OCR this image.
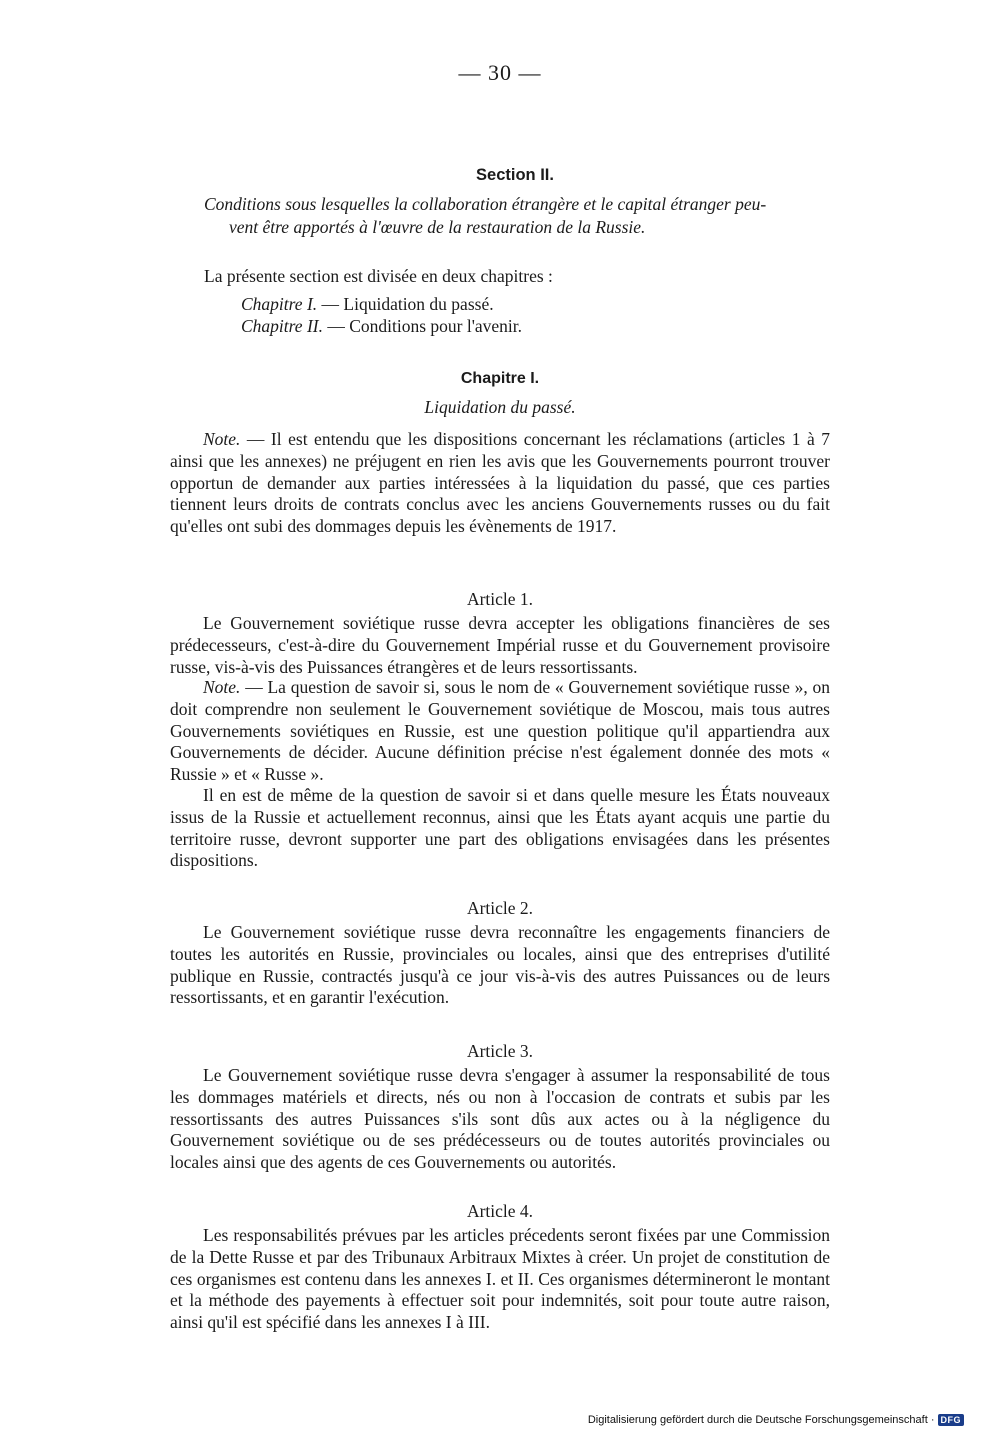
— 30 —
Section II.
Conditions sous lesquelles la collaboration étrangère et le capital étranger peu-
vent être apportés à l'œuvre de la restauration de la Russie.
La présente section est divisée en deux chapitres :
Chapitre I. — Liquidation du passé.
Chapitre II. — Conditions pour l'avenir.
Chapitre I.
Liquidation du passé.
Note. — Il est entendu que les dispositions concernant les réclamations (articles 1 à 7 ainsi que les annexes) ne préjugent en rien les avis que les Gouvernements pourront trouver opportun de demander aux parties intéressées à la liquidation du passé, que ces parties tiennent leurs droits de contrats conclus avec les anciens Gouvernements russes ou du fait qu'elles ont subi des dommages depuis les évènements de 1917.
Article 1.
Le Gouvernement soviétique russe devra accepter les obligations financières de ses prédecesseurs, c'est-à-dire du Gouvernement Impérial russe et du Gouvernement provisoire russe, vis-à-vis des Puissances étrangères et de leurs ressortissants.
Note. — La question de savoir si, sous le nom de « Gouvernement soviétique russe », on doit comprendre non seulement le Gouvernement soviétique de Moscou, mais tous autres Gouvernements soviétiques en Russie, est une question politique qu'il appartiendra aux Gouvernements de décider. Aucune définition précise n'est également donnée des mots « Russie » et « Russe ».
Il en est de même de la question de savoir si et dans quelle mesure les États nouveaux issus de la Russie et actuellement reconnus, ainsi que les États ayant acquis une partie du territoire russe, devront supporter une part des obligations envisagées dans les présentes dispositions.
Article 2.
Le Gouvernement soviétique russe devra reconnaître les engagements financiers de toutes les autorités en Russie, provinciales ou locales, ainsi que des entreprises d'utilité publique en Russie, contractés jusqu'à ce jour vis-à-vis des autres Puissances ou de leurs ressortissants, et en garantir l'exécution.
Article 3.
Le Gouvernement soviétique russe devra s'engager à assumer la responsabilité de tous les dommages matériels et directs, nés ou non à l'occasion de contrats et subis par les ressortissants des autres Puissances s'ils sont dûs aux actes ou à la négligence du Gouvernement soviétique ou de ses prédécesseurs ou de toutes autorités provinciales ou locales ainsi que des agents de ces Gouvernements ou autorités.
Article 4.
Les responsabilités prévues par les articles précedents seront fixées par une Commission de la Dette Russe et par des Tribunaux Arbitraux Mixtes à créer. Un projet de constitution de ces organismes est contenu dans les annexes I. et II. Ces organismes détermineront le montant et la méthode des payements à effectuer soit pour indemnités, soit pour toute autre raison, ainsi qu'il est spécifié dans les annexes I à III.
Digitalisierung gefördert durch die Deutsche Forschungsgemeinschaft · DFG
